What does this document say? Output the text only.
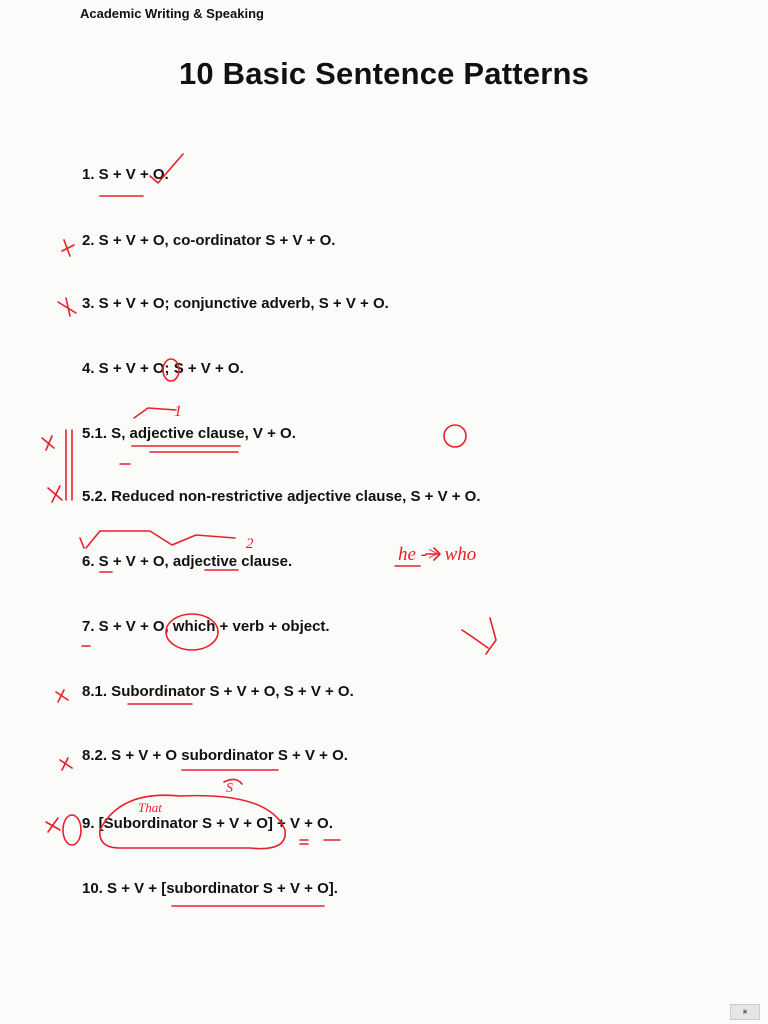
Academic Writing & Speaking
10 Basic Sentence Patterns
1. S + V + O.
2. S + V + O, co-ordinator S + V + O.
3. S + V + O; conjunctive adverb, S + V + O.
4. S + V + O; S + V + O.
5.1. S, adjective clause, V + O.
5.2. Reduced non-restrictive adjective clause, S + V + O.
6. S + V + O, adjective clause.
7. S + V + O, which + verb + object.
8.1. Subordinator S + V + O, S + V + O.
8.2. S + V + O subordinator S + V + O.
9. [Subordinator S + V + O] + V + O.
10. S + V + [subordinator S + V + O].
1
2	he -> who
That
S
▣
